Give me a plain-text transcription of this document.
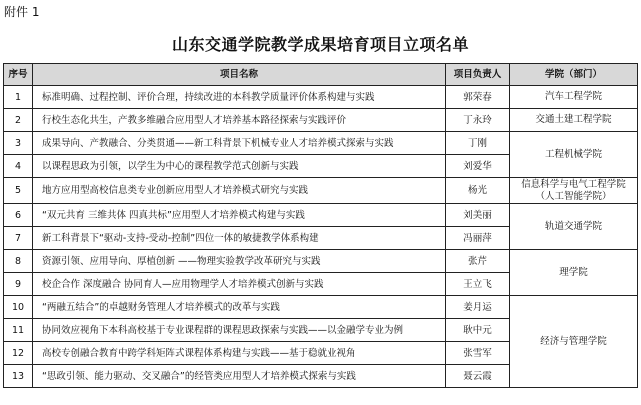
附件 1
山东交通学院教学成果培育项目立项名单
序号	项目名称	项目负责人	学院（部门）
1	标准明确、过程控制、评价合理，持续改进的本科教学质量评价体系构建与实践	郭荣春	汽车工程学院
2	行校生态化共生，产教多维融合应用型人才培养基本路径探索与实践评价	丁永玲	交通土建工程学院
3	成果导向、产教融合、分类贯通——新工科背景下机械专业人才培养模式探索与实践	丁刚	工程机械学院
4	以课程思政为引领，以学生为中心的课程教学范式创新与实践	刘爱华	
5	地方应用型高校信息类专业创新应用型人才培养模式研究与实践	杨光	信息科学与电气工程学院（人工智能学院）
6	“双元共育 三维共体 四真共标”应用型人才培养模式构建与实践	刘美丽	轨道交通学院
7	新工科背景下“驱动-支持-受动-控制”四位一体的敏捷教学体系构建	冯丽萍	
8	资源引领、应用导向、厚植创新 ——物理实验教学改革研究与实践	张芹	理学院
9	校企合作 深度融合 协同育人—应用物理学人才培养模式创新与实践	王立飞	
10	“两融五结合”的卓越财务管理人才培养模式的改革与实践	姜月运	经济与管理学院
11	协同效应视角下本科高校基于专业课程群的课程思政探索与实践——以金融学专业为例	耿中元	
12	高校专创融合教育中跨学科矩阵式课程体系构建与实践——基于稳就业视角	张雪军	
13	“思政引领、能力驱动、交叉融合”的经管类应用型人才培养模式探索与实践	聂云霞	
